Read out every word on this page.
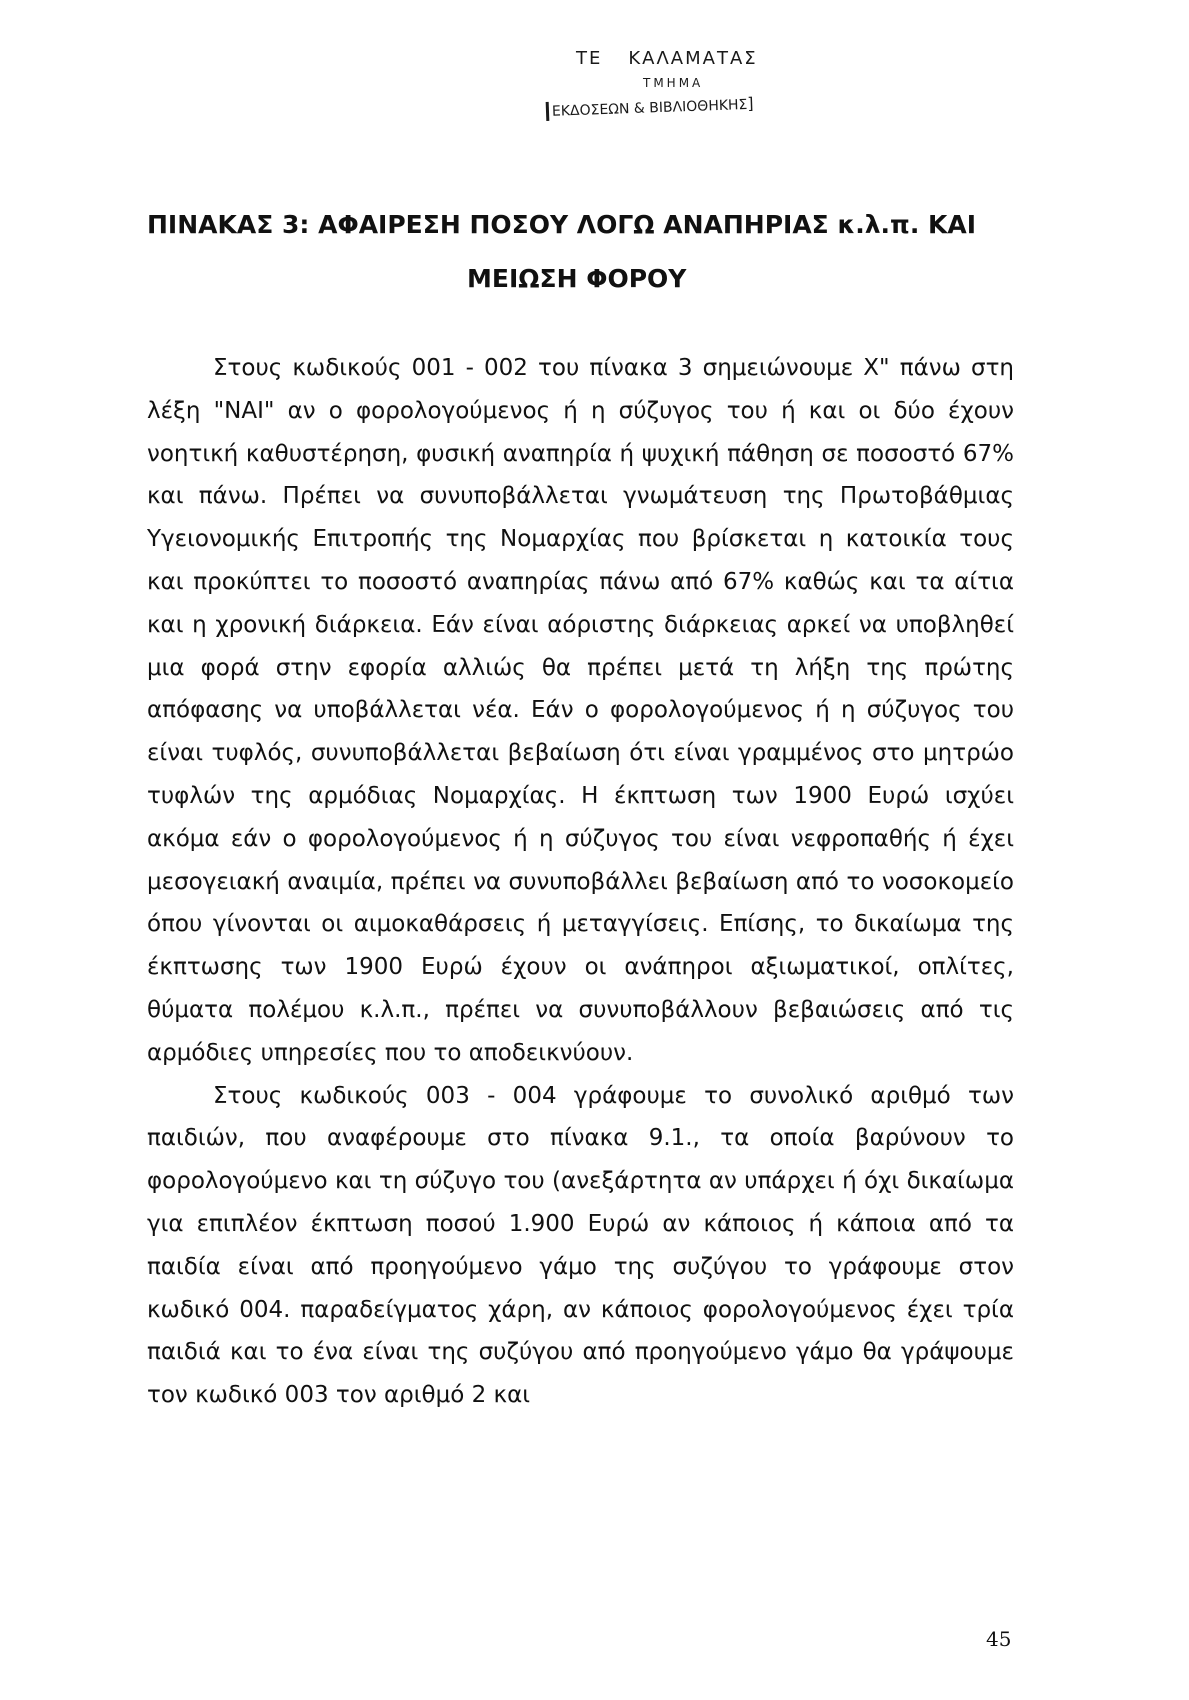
ΤΕ ΚΑΛΑΜΑΤΑΣ
ΤΜΗΜΑ
ΕΚΔΟΣΕΩΝ & ΒΙΒΛΙΟΘΗΚΗΣ]
ΠΙΝΑΚΑΣ 3: ΑΦΑΙΡΕΣΗ ΠΟΣΟΥ ΛΟΓΩ ΑΝΑΠΗΡΙΑΣ κ.λ.π. ΚΑΙ
ΜΕΙΩΣΗ ΦΟΡΟΥ

Στους κωδικούς 001 - 002 του πίνακα 3 σημειώνουμε Χ" πάνω στη λέξη "ΝΑΙ" αν ο φορολογούμενος ή η σύζυγος του ή και οι δύο έχουν νοητική καθυστέρηση, φυσική αναπηρία ή ψυχική πάθηση σε ποσοστό 67% και πάνω. Πρέπει να συνυποβάλλεται γνωμάτευση της Πρωτοβάθμιας Υγειονομικής Επιτροπής της Νομαρχίας που βρίσκεται η κατοικία τους και προκύπτει το ποσοστό αναπηρίας πάνω από 67% καθώς και τα αίτια και η χρονική διάρκεια. Εάν είναι αόριστης διάρκειας αρκεί να υποβληθεί μια φορά στην εφορία αλλιώς θα πρέπει μετά τη λήξη της πρώτης απόφασης να υποβάλλεται νέα. Εάν ο φορολογούμενος ή η σύζυγος του είναι τυφλός, συνυποβάλλεται βεβαίωση ότι είναι γραμμένος στο μητρώο τυφλών της αρμόδιας Νομαρχίας. Η έκπτωση των 1900 Ευρώ ισχύει ακόμα εάν ο φορολογούμενος ή η σύζυγος του είναι νεφροπαθής ή έχει μεσογειακή αναιμία, πρέπει να συνυποβάλλει βεβαίωση από το νοσοκομείο όπου γίνονται οι αιμοκαθάρσεις ή μεταγγίσεις. Επίσης, το δικαίωμα της έκπτωσης των 1900 Ευρώ έχουν οι ανάπηροι αξιωματικοί, οπλίτες, θύματα πολέμου κ.λ.π., πρέπει να συνυποβάλλουν βεβαιώσεις από τις αρμόδιες υπηρεσίες που το αποδεικνύουν.

Στους κωδικούς 003 - 004 γράφουμε το συνολικό αριθμό των παιδιών, που αναφέρουμε στο πίνακα 9.1., τα οποία βαρύνουν το φορολογούμενο και τη σύζυγο του (ανεξάρτητα αν υπάρχει ή όχι δικαίωμα για επιπλέον έκπτωση ποσού 1.900 Ευρώ αν κάποιος ή κάποια από τα παιδία είναι από προηγούμενο γάμο της συζύγου το γράφουμε στον κωδικό 004. παραδείγματος χάρη, αν κάποιος φορολογούμενος έχει τρία παιδιά και το ένα είναι της συζύγου από προηγούμενο γάμο θα γράψουμε τον κωδικό 003 τον αριθμό 2 και

45
